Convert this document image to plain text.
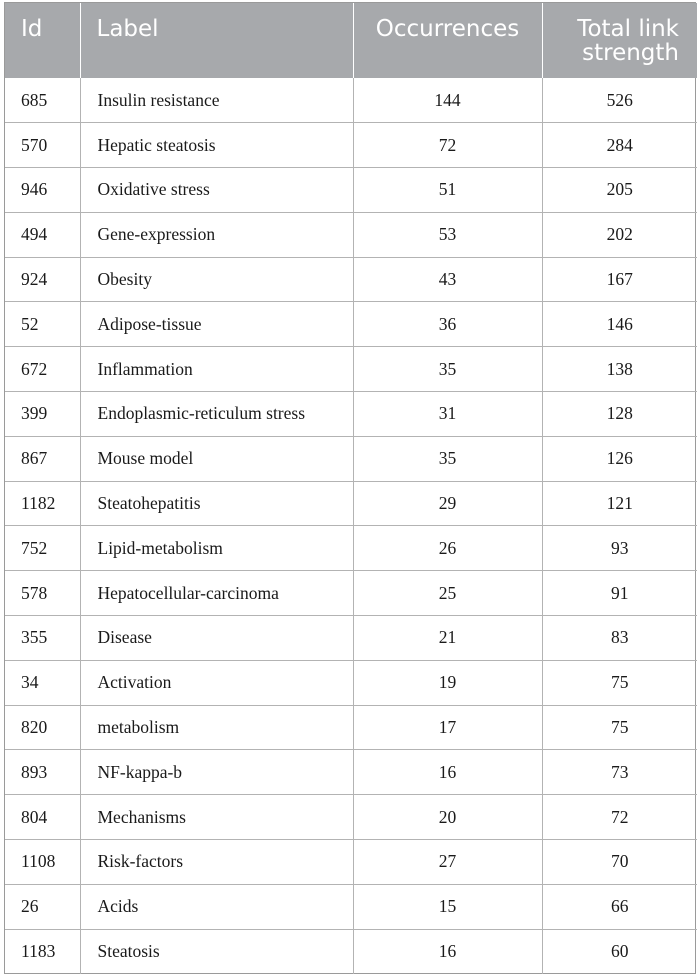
Id	Label	Occurrences	Total link
strength
685	Insulin resistance	144	526
570	Hepatic steatosis	72	284
946	Oxidative stress	51	205
494	Gene-expression	53	202
924	Obesity	43	167
52	Adipose-tissue	36	146
672	Inflammation	35	138
399	Endoplasmic-reticulum stress	31	128
867	Mouse model	35	126
1182	Steatohepatitis	29	121
752	Lipid-metabolism	26	93
578	Hepatocellular-carcinoma	25	91
355	Disease	21	83
34	Activation	19	75
820	metabolism	17	75
893	NF-kappa-b	16	73
804	Mechanisms	20	72
1108	Risk-factors	27	70
26	Acids	15	66
1183	Steatosis	16	60
